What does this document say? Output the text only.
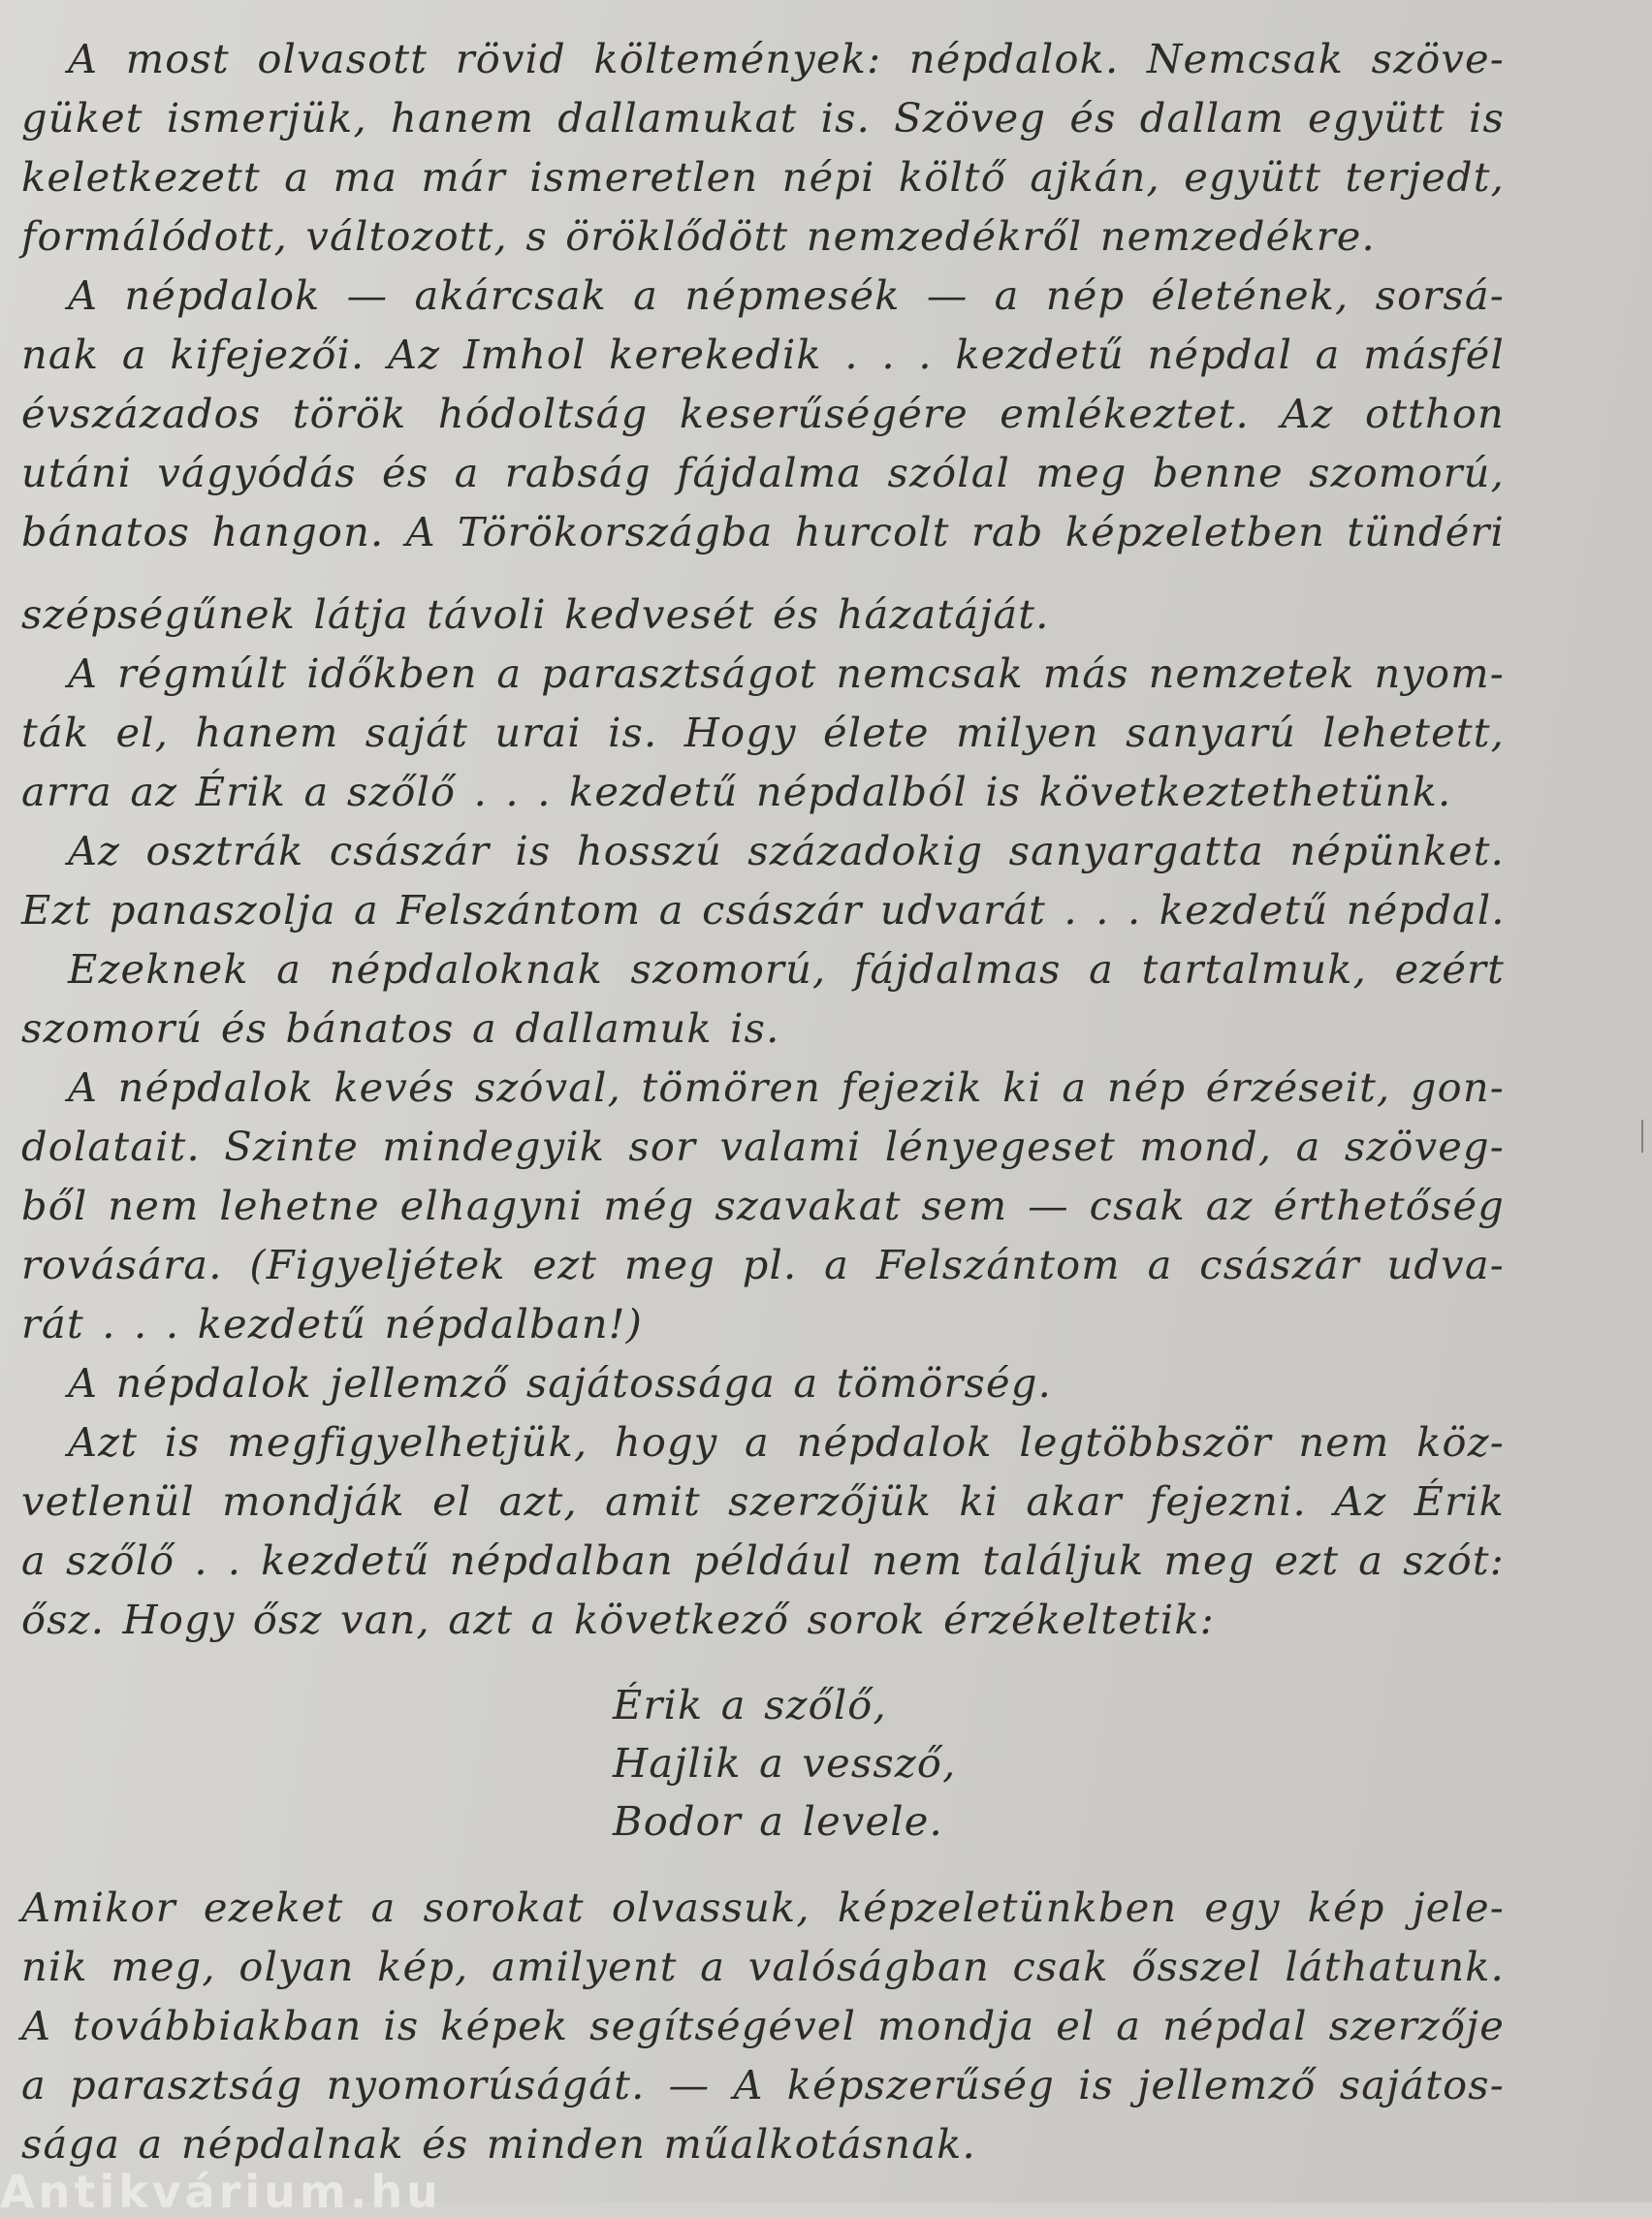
A most olvasott rövid költemények: népdalok. Nemcsak szöve-
güket ismerjük, hanem dallamukat is. Szöveg és dallam együtt is
keletkezett a ma már ismeretlen népi költő ajkán, együtt terjedt,
formálódott, változott, s öröklődött nemzedékről nemzedékre.
A népdalok — akárcsak a népmesék — a nép életének, sorsá-
nak a kifejezői. Az Imhol kerekedik . . . kezdetű népdal a másfél
évszázados török hódoltság keserűségére emlékeztet. Az otthon
utáni vágyódás és a rabság fájdalma szólal meg benne szomorú,
bánatos hangon. A Törökországba hurcolt rab képzeletben tündéri
szépségűnek látja távoli kedvesét és házatáját.
A régmúlt időkben a parasztságot nemcsak más nemzetek nyom-
ták el, hanem saját urai is. Hogy élete milyen sanyarú lehetett,
arra az Érik a szőlő . . . kezdetű népdalból is következtethetünk.
Az osztrák császár is hosszú századokig sanyargatta népünket.
Ezt panaszolja a Felszántom a császár udvarát . . . kezdetű népdal.
Ezeknek a népdaloknak szomorú, fájdalmas a tartalmuk, ezért
szomorú és bánatos a dallamuk is.
A népdalok kevés szóval, tömören fejezik ki a nép érzéseit, gon-
dolatait. Szinte mindegyik sor valami lényegeset mond, a szöveg-
ből nem lehetne elhagyni még szavakat sem — csak az érthetőség
rovására. (Figyeljétek ezt meg pl. a Felszántom a császár udva-
rát . . . kezdetű népdalban!)
A népdalok jellemző sajátossága a tömörség.
Azt is megfigyelhetjük, hogy a népdalok legtöbbször nem köz-
vetlenül mondják el azt, amit szerzőjük ki akar fejezni. Az Érik
a szőlő . . kezdetű népdalban például nem találjuk meg ezt a szót:
ősz. Hogy ősz van, azt a következő sorok érzékeltetik:
Érik a szőlő,
Hajlik a vessző,
Bodor a levele.
Amikor ezeket a sorokat olvassuk, képzeletünkben egy kép jele-
nik meg, olyan kép, amilyent a valóságban csak ősszel láthatunk.
A továbbiakban is képek segítségével mondja el a népdal szerzője
a parasztság nyomorúságát. — A képszerűség is jellemző sajátos-
sága a népdalnak és minden műalkotásnak.
Antikvárium.hu
